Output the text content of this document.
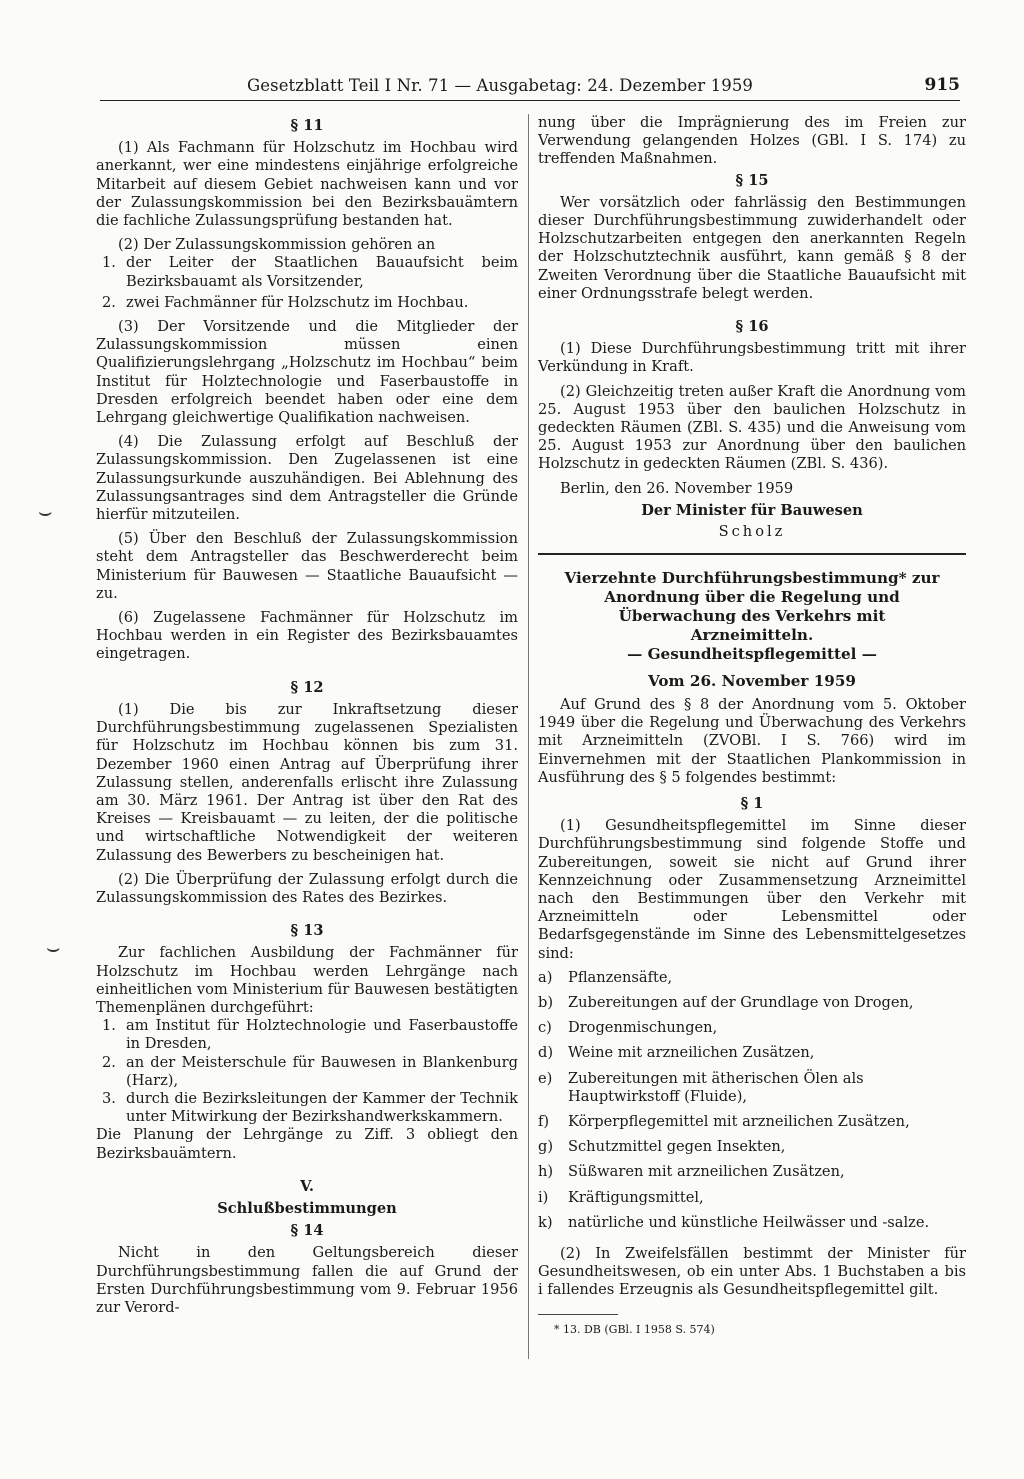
Gesetzblatt Teil I Nr. 71 — Ausgabetag: 24. Dezember 1959	915
⌣
⌣
§ 11

(1) Als Fachmann für Holzschutz im Hochbau wird anerkannt, wer eine mindestens einjährige erfolgreiche Mitarbeit auf diesem Gebiet nachweisen kann und vor der Zulassungskommission bei den Bezirksbauämtern die fachliche Zulassungsprüfung bestanden hat.

(2) Der Zulassungskommission gehören an

1. der Leiter der Staatlichen Bauaufsicht beim Bezirksbauamt als Vorsitzender,
2. zwei Fachmänner für Holzschutz im Hochbau.

(3) Der Vorsitzende und die Mitglieder der Zulassungskommission müssen einen Qualifizierungslehrgang „Holzschutz im Hochbau“ beim Institut für Holztechnologie und Faserbaustoffe in Dresden erfolgreich beendet haben oder eine dem Lehrgang gleichwertige Qualifikation nachweisen.

(4) Die Zulassung erfolgt auf Beschluß der Zulassungskommission. Den Zugelassenen ist eine Zulassungsurkunde auszuhändigen. Bei Ablehnung des Zulassungsantrages sind dem Antragsteller die Gründe hierfür mitzuteilen.

(5) Über den Beschluß der Zulassungskommission steht dem Antragsteller das Beschwerderecht beim Ministerium für Bauwesen — Staatliche Bauaufsicht — zu.

(6) Zugelassene Fachmänner für Holzschutz im Hochbau werden in ein Register des Bezirksbauamtes eingetragen.

§ 12

(1) Die bis zur Inkraftsetzung dieser Durchführungsbestimmung zugelassenen Spezialisten für Holzschutz im Hochbau können bis zum 31. Dezember 1960 einen Antrag auf Überprüfung ihrer Zulassung stellen, anderenfalls erlischt ihre Zulassung am 30. März 1961. Der Antrag ist über den Rat des Kreises — Kreisbauamt — zu leiten, der die politische und wirtschaftliche Notwendigkeit der weiteren Zulassung des Bewerbers zu bescheinigen hat.

(2) Die Überprüfung der Zulassung erfolgt durch die Zulassungskommission des Rates des Bezirkes.

§ 13

Zur fachlichen Ausbildung der Fachmänner für Holzschutz im Hochbau werden Lehrgänge nach einheitlichen vom Ministerium für Bauwesen bestätigten Themenplänen durchgeführt:

1. am Institut für Holztechnologie und Faserbaustoffe in Dresden,
2. an der Meisterschule für Bauwesen in Blankenburg (Harz),
3. durch die Bezirksleitungen der Kammer der Technik unter Mitwirkung der Bezirkshandwerkskammern.

Die Planung der Lehrgänge zu Ziff. 3 obliegt den Bezirksbauämtern.

V.
Schlußbestimmungen
§ 14

Nicht in den Geltungsbereich dieser Durchführungsbestimmung fallen die auf Grund der Ersten Durchführungsbestimmung vom 9. Februar 1956 zur Verord-

nung über die Imprägnierung des im Freien zur Verwendung gelangenden Holzes (GBl. I S. 174) zu treffenden Maßnahmen.

§ 15

Wer vorsätzlich oder fahrlässig den Bestimmungen dieser Durchführungsbestimmung zuwiderhandelt oder Holzschutzarbeiten entgegen den anerkannten Regeln der Holzschutztechnik ausführt, kann gemäß § 8 der Zweiten Verordnung über die Staatliche Bauaufsicht mit einer Ordnungsstrafe belegt werden.

§ 16

(1) Diese Durchführungsbestimmung tritt mit ihrer Verkündung in Kraft.

(2) Gleichzeitig treten außer Kraft die Anordnung vom 25. August 1953 über den baulichen Holzschutz in gedeckten Räumen (ZBl. S. 435) und die Anweisung vom 25. August 1953 zur Anordnung über den baulichen Holzschutz in gedeckten Räumen (ZBl. S. 436).

Berlin, den 26. November 1959

Der Minister für Bauwesen
Scholz
Vierzehnte Durchführungsbestimmung* zur Anordnung über die Regelung und Überwachung des Verkehrs mit Arzneimitteln.
— Gesundheitspflegemittel —
Vom 26. November 1959

Auf Grund des § 8 der Anordnung vom 5. Oktober 1949 über die Regelung und Überwachung des Verkehrs mit Arzneimitteln (ZVOBl. I S. 766) wird im Einvernehmen mit der Staatlichen Plankommission in Ausführung des § 5 folgendes bestimmt:

§ 1

(1) Gesundheitspflegemittel im Sinne dieser Durchführungsbestimmung sind folgende Stoffe und Zubereitungen, soweit sie nicht auf Grund ihrer Kennzeichnung oder Zusammensetzung Arzneimittel nach den Bestimmungen über den Verkehr mit Arzneimitteln oder Lebensmittel oder Bedarfsgegenstände im Sinne des Lebensmittelgesetzes sind:

a)	Pflanzensäfte,
b)	Zubereitungen auf der Grundlage von Drogen,
c)	Drogenmischungen,
d)	Weine mit arzneilichen Zusätzen,
e)	Zubereitungen mit ätherischen Ölen als Hauptwirkstoff (Fluide),
f)	Körperpflegemittel mit arzneilichen Zusätzen,
g)	Schutzmittel gegen Insekten,
h)	Süßwaren mit arzneilichen Zusätzen,
i)	Kräftigungsmittel,
k)	natürliche und künstliche Heilwässer und -salze.

(2) In Zweifelsfällen bestimmt der Minister für Gesundheitswesen, ob ein unter Abs. 1 Buchstaben a bis i fallendes Erzeugnis als Gesundheitspflegemittel gilt.

* 13. DB (GBl. I 1958 S. 574)
